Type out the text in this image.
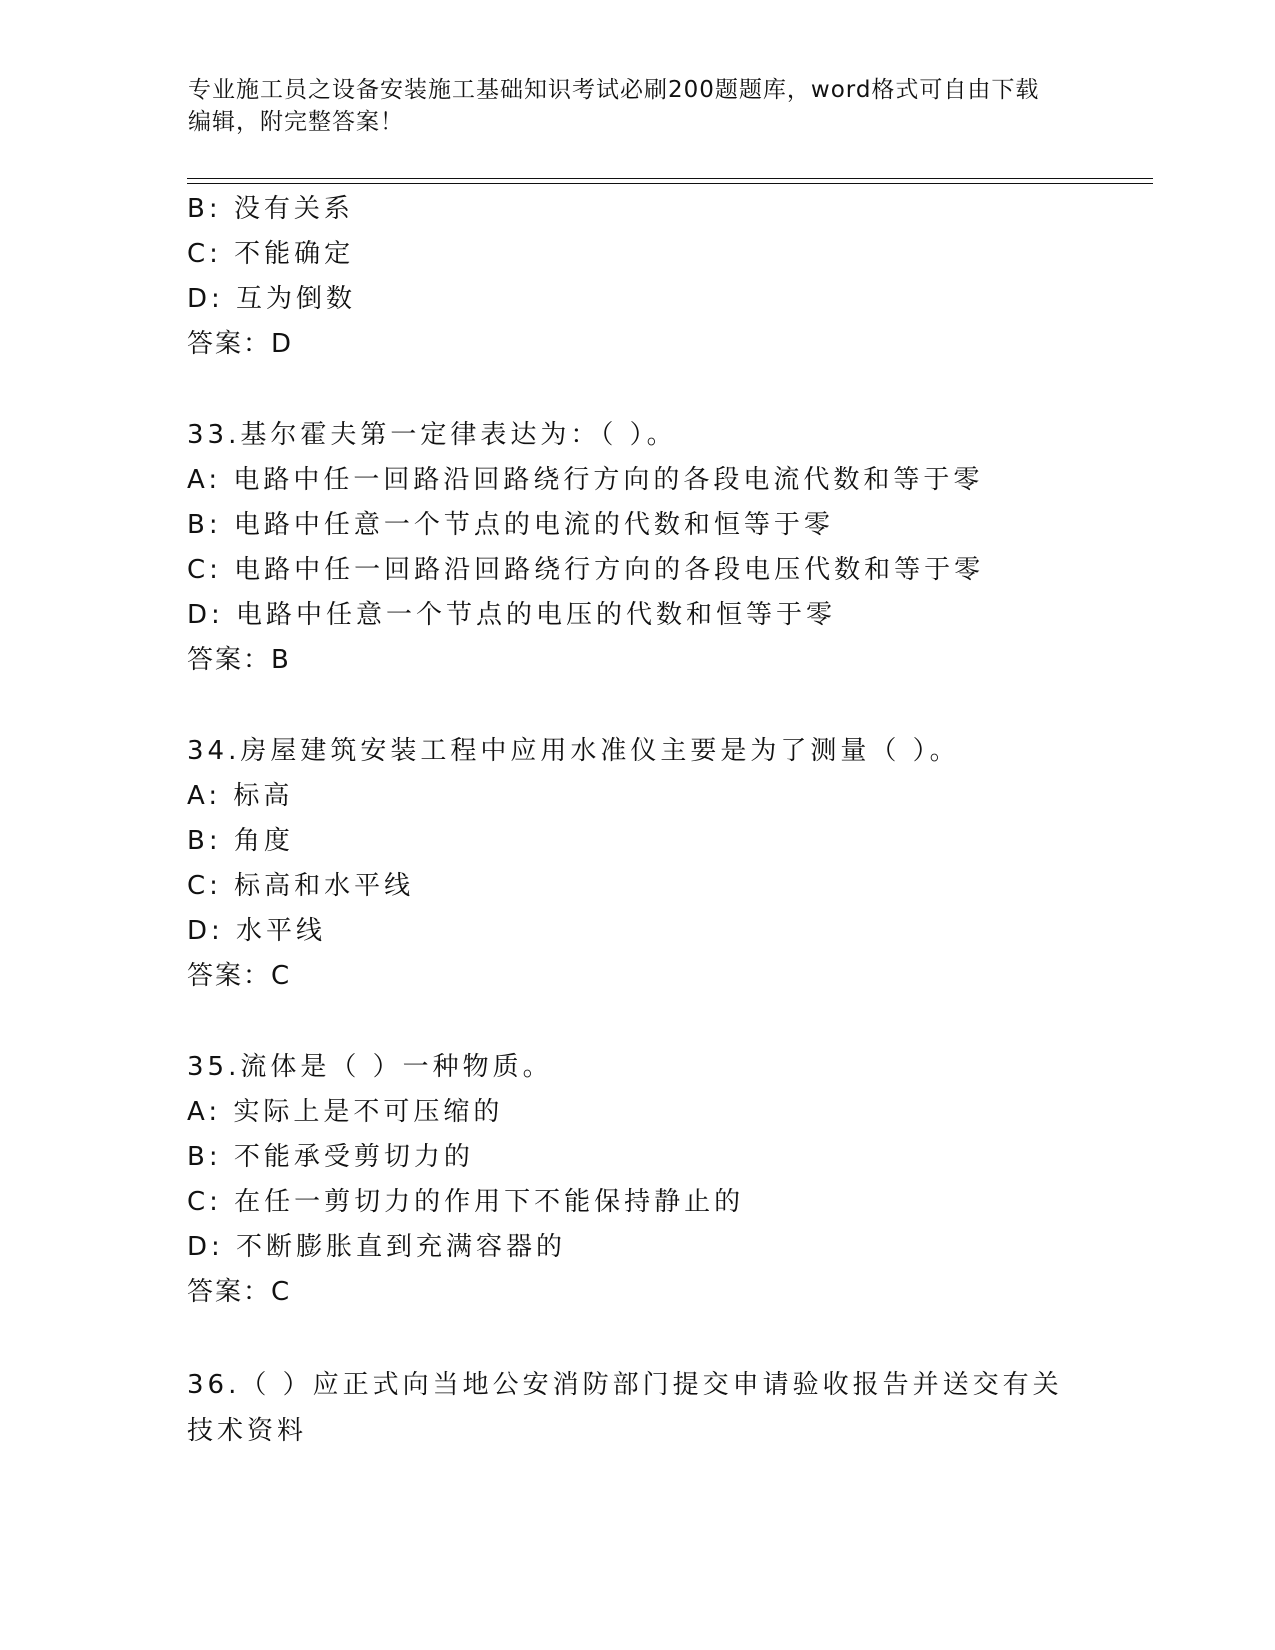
专业施工员之设备安装施工基础知识考试必刷200题题库，word格式可自由下载
编辑，附完整答案！
B: 没有关系
C: 不能确定
D: 互为倒数
答案：D
33.基尔霍夫第一定律表达为：（ ）。
A: 电路中任一回路沿回路绕行方向的各段电流代数和等于零
B: 电路中任意一个节点的电流的代数和恒等于零
C: 电路中任一回路沿回路绕行方向的各段电压代数和等于零
D: 电路中任意一个节点的电压的代数和恒等于零
答案：B
34.房屋建筑安装工程中应用水准仪主要是为了测量（ ）。
A: 标高
B: 角度
C: 标高和水平线
D: 水平线
答案：C
35.流体是（ ）一种物质。
A: 实际上是不可压缩的
B: 不能承受剪切力的
C: 在任一剪切力的作用下不能保持静止的
D: 不断膨胀直到充满容器的
答案：C
36.（ ）应正式向当地公安消防部门提交申请验收报告并送交有关技术资料
